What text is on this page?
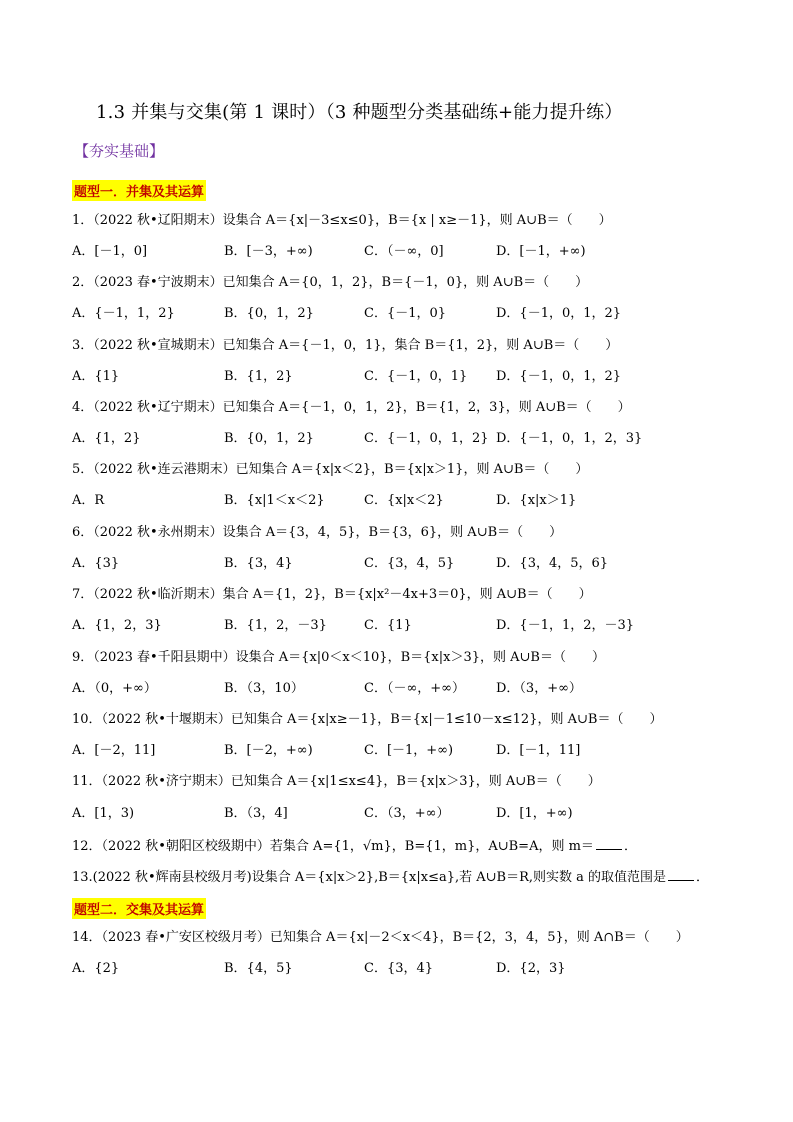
1.3 并集与交集(第 1 课时）（3 种题型分类基础练+能力提升练）
【夯实基础】
题型一．并集及其运算
1．（2022 秋•辽阳期末）设集合 A＝{x|－3≤x≤0}，B＝{x | x≥－1}，则 A∪B＝（　　）
A．[－1，0]	B．[－3，+∞)	C．（－∞，0]	D．[－1，+∞)
2．（2023 春•宁波期末）已知集合 A＝{0，1，2}，B＝{－1，0}，则 A∪B＝（　　）
A．{－1，1，2}	B．{0，1，2}	C．{－1，0}	D．{－1，0，1，2}
3．（2022 秋•宣城期末）已知集合 A＝{－1，0，1}，集合 B＝{1，2}，则 A∪B＝（　　）
A．{1}	B．{1，2}	C．{－1，0，1} D．{－1，0，1，2}
4．（2022 秋•辽宁期末）已知集合 A＝{－1，0，1，2}，B＝{1，2，3}，则 A∪B＝（　　）
A．{1，2}	B．{0，1，2}	C．{－1，0，1，2} D．{－1，0，1，2，3}
5．（2022 秋•连云港期末）已知集合 A＝{x|x＜2}，B＝{x|x＞1}，则 A∪B＝（　　）
A．R	B．{x|1＜x＜2}	C．{x|x＜2}	D．{x|x＞1}
6．（2022 秋•永州期末）设集合 A＝{3，4，5}，B＝{3，6}，则 A∪B＝（　　）
A．{3}	B．{3，4}	C．{3，4，5}	D．{3，4，5，6}
7．（2022 秋•临沂期末）集合 A＝{1，2}，B＝{x|x²－4x+3＝0}，则 A∪B＝（　　）
A．{1，2，3}	B．{1，2，－3}	C．{1}	D．{－1，1，2，－3}
9．（2023 春•千阳县期中）设集合 A＝{x|0＜x＜10}，B＝{x|x＞3}，则 A∪B＝（　　）
A．（0，+∞）	B．（3，10）	C．（－∞，+∞） D．（3，+∞）
10．（2022 秋•十堰期末）已知集合 A＝{x|x≥－1}，B＝{x|－1≤10－x≤12}，则 A∪B＝（　　）
A．[－2，11]	B．[－2，+∞)	C．[－1，+∞)	D．[－1，11]
11．（2022 秋•济宁期末）已知集合 A＝{x|1≤x≤4}，B＝{x|x＞3}，则 A∪B＝（　　）
A．[1，3)	B．（3，4]	C．（3，+∞）	D．[1，+∞)
12．（2022 秋•朝阳区校级期中）若集合 A={1，√m}，B={1，m}，A∪B=A，则 m＝ ．
13.(2022 秋•辉南县校级月考)设集合 A＝{x|x＞2},B＝{x|x≤a},若 A∪B＝R,则实数 a 的取值范围是 ．
题型二．交集及其运算
14．（2023 春•广安区校级月考）已知集合 A＝{x|－2＜x＜4}，B＝{2，3，4，5}，则 A∩B＝（　　）
A．{2}	B．{4，5}	C．{3，4}	D．{2，3}
